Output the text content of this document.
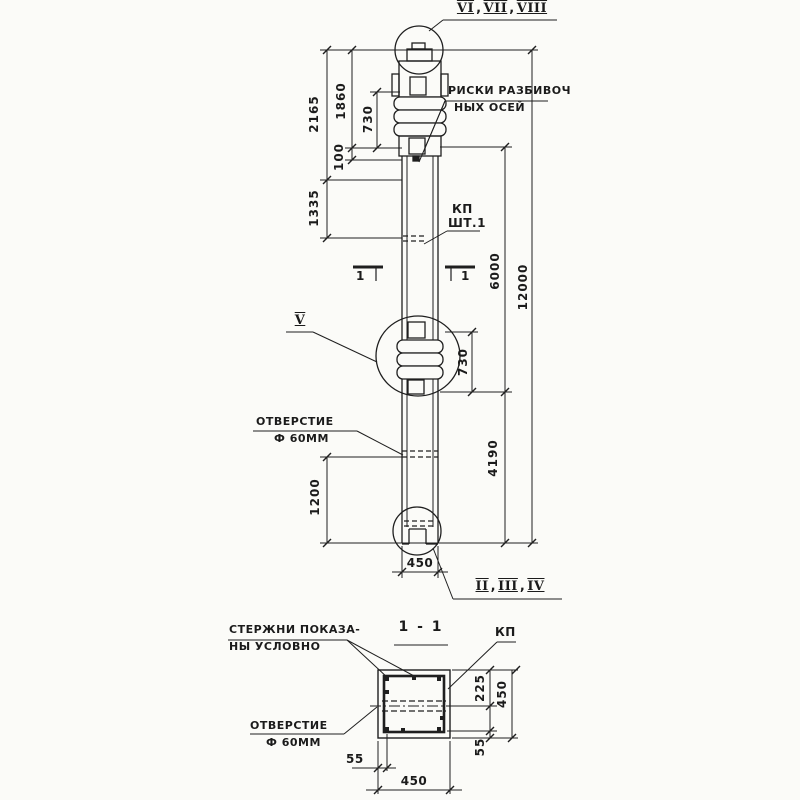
VI , VII , VIII
V
II , III , IV
РИСКИ РАЗБИВОЧ
НЫХ ОСЕЙ
КП
ШТ.1
ОТВЕРСТИЕ
Ф 60ММ
1	1
2165 1860 730
100
1335
1200
6000 12000
730
4190
450
1 - 1	КП
СТЕРЖНИ ПОКАЗА-
НЫ УСЛОВНО
ОТВЕРСТИЕ
Ф 60ММ
225 450
55
55
450
